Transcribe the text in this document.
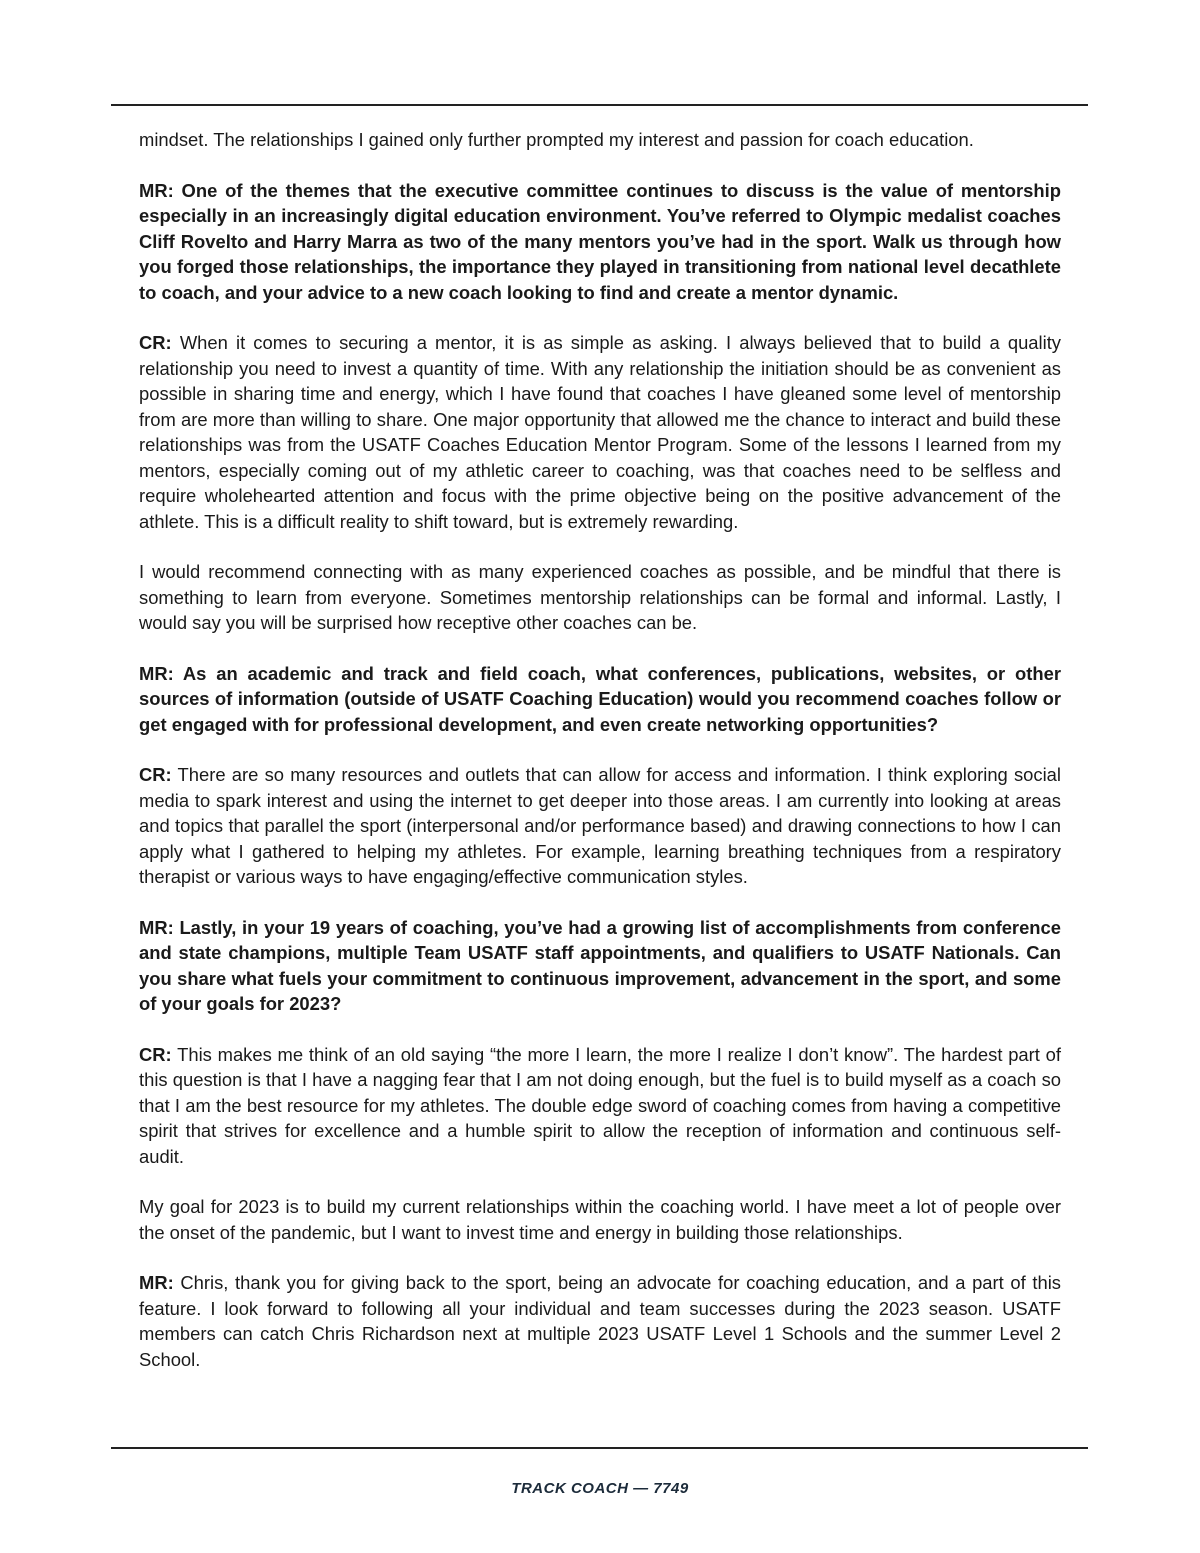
mindset. The relationships I gained only further prompted my interest and passion for coach education.

MR: One of the themes that the executive committee continues to discuss is the value of mentorship especially in an increasingly digital education environment. You’ve referred to Olympic medalist coaches Cliff Rovelto and Harry Marra as two of the many mentors you’ve had in the sport. Walk us through how you forged those relationships, the importance they played in transitioning from national level decathlete to coach, and your advice to a new coach looking to find and create a mentor dynamic.

CR: When it comes to securing a mentor, it is as simple as asking. I always believed that to build a quality relationship you need to invest a quantity of time. With any relationship the initiation should be as convenient as possible in sharing time and energy, which I have found that coaches I have gleaned some level of mentorship from are more than willing to share. One major opportunity that allowed me the chance to interact and build these relationships was from the USATF Coaches Education Mentor Program. Some of the lessons I learned from my mentors, especially coming out of my athletic career to coaching, was that coaches need to be selfless and require wholehearted attention and focus with the prime objective being on the positive advancement of the athlete. This is a difficult reality to shift toward, but is extremely rewarding.

I would recommend connecting with as many experienced coaches as possible, and be mindful that there is something to learn from everyone. Sometimes mentorship relationships can be formal and informal. Lastly, I would say you will be surprised how receptive other coaches can be.

MR: As an academic and track and field coach, what conferences, publications, websites, or other sources of information (outside of USATF Coaching Education) would you recommend coaches follow or get engaged with for professional development, and even create networking opportunities?

CR: There are so many resources and outlets that can allow for access and information. I think exploring social media to spark interest and using the internet to get deeper into those areas. I am currently into looking at areas and topics that parallel the sport (interpersonal and/or performance based) and drawing connections to how I can apply what I gathered to helping my athletes. For example, learning breathing techniques from a respiratory therapist or various ways to have engaging/effective communication styles.

MR: Lastly, in your 19 years of coaching, you’ve had a growing list of accomplishments from conference and state champions, multiple Team USATF staff appointments, and qualifiers to USATF Nationals. Can you share what fuels your commitment to continuous improvement, advancement in the sport, and some of your goals for 2023?

CR: This makes me think of an old saying “the more I learn, the more I realize I don’t know”. The hardest part of this question is that I have a nagging fear that I am not doing enough, but the fuel is to build myself as a coach so that I am the best resource for my athletes. The double edge sword of coaching comes from having a competitive spirit that strives for excellence and a humble spirit to allow the reception of information and continuous self-audit.

My goal for 2023 is to build my current relationships within the coaching world. I have meet a lot of people over the onset of the pandemic, but I want to invest time and energy in building those relationships.

MR: Chris, thank you for giving back to the sport, being an advocate for coaching education, and a part of this feature. I look forward to following all your individual and team successes during the 2023 season. USATF members can catch Chris Richardson next at multiple 2023 USATF Level 1 Schools and the summer Level 2 School.

TRACK COACH — 7749
